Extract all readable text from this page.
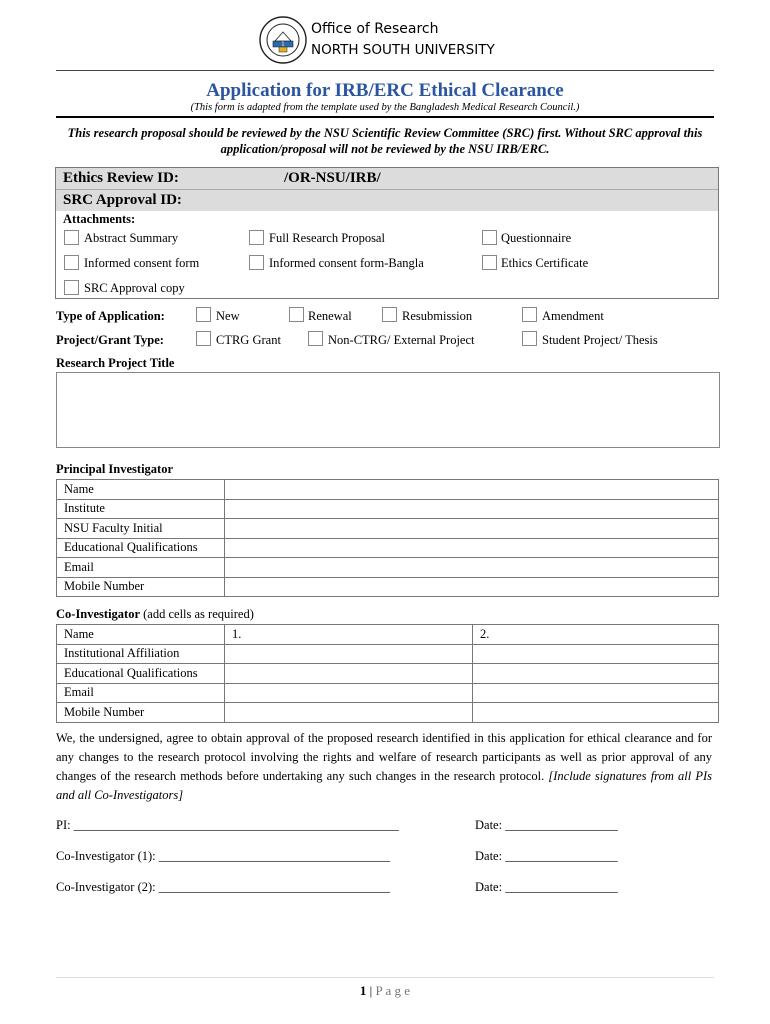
1
Office of Research
NORTH SOUTH UNIVERSITY
Application for IRB/ERC Ethical Clearance
(This form is adapted from the template used by the Bangladesh Medical Research Council.)
This research proposal should be reviewed by the NSU Scientific Review Committee (SRC) first. Without SRC approval this application/proposal will not be reviewed by the NSU IRB/ERC.
Ethics Review ID:	/OR-NSU/IRB/
SRC Approval ID:
Attachments:
Abstract Summary	Full Research Proposal	Questionnaire
Informed consent form	Informed consent form-Bangla	Ethics Certificate
SRC Approval copy
Type of Application:	New	Renewal	Resubmission	Amendment
Project/Grant Type:	CTRG Grant	Non-CTRG/ External Project	Student Project/ Thesis
Research Project Title
Principal Investigator
Name	
Institute	
NSU Faculty Initial	
Educational Qualifications	
Email	
Mobile Number	
Co-Investigator (add cells as required)
Name	1.	2.
Institutional Affiliation		
Educational Qualifications		
Email		
Mobile Number		
We, the undersigned, agree to obtain approval of the proposed research identified in this application for ethical clearance and for any changes to the research protocol involving the rights and welfare of research participants as well as prior approval of any changes of the research methods before undertaking any such changes in the research protocol. [Include signatures from all PIs and all Co-Investigators]
PI: ____________________________________________________	Date: __________________
Co-Investigator (1): _____________________________________	Date: __________________
Co-Investigator (2): _____________________________________	Date: __________________
1 | P a g e
